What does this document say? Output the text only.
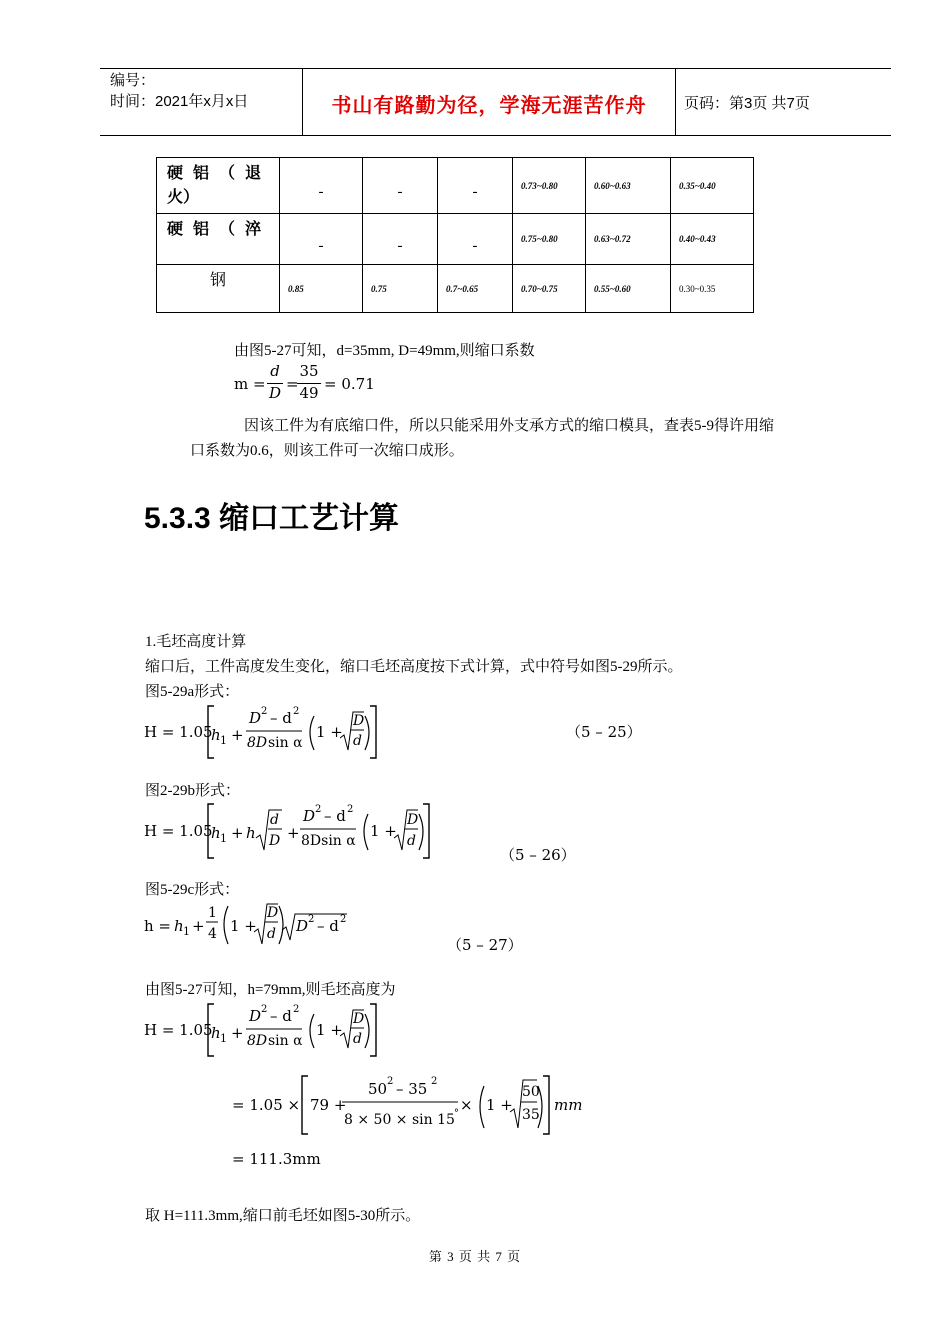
编号：
时间：2021年x月x日	书山有路勤为径，学海无涯苦作舟	页码：第3页 共7页
硬铝（退
火）	-	-	-	0.73~0.80	0.60~0.63	0.35~0.40
硬铝（淬	-	-	-	0.75~0.80	0.63~0.72	0.40~0.43
钢	0.85	0.75	0.7~0.65	0.70~0.75	0.55~0.60	0.30~0.35
由图5-27可知，d=35mm, D=49mm,则缩口系数
m =
d
D =
35
49 = 0.71
因该工件为有底缩口件，所以只能采用外支承方式的缩口模具，查表5-9得许用缩
口系数为0.6，则该工件可一次缩口成形。
5.3.3 缩口工艺计算
1.毛坯高度计算
缩口后，工件高度发生变化，缩口毛坯高度按下式计算，式中符号如图5-29所示。
图5-29a形式：
H = 1.05
h 1 +
D 2 – d 2
8D sin α
1 +
D
d	（5 – 25）
图2-29b形式：
H = 1.05
h 1 + h
d
D +
D 2 – d 2
8Dsin α
1 +
D
d
（5 – 26）
图5-29c形式：
h = h 1 +
1
4 1 +
D
d D 2 – d 2
（5 – 27）
由图5-27可知，h=79mm,则毛坯高度为
H = 1.05
h 1 +
D 2 – d 2
8D sin α
1 +
D
d
= 1.05 × 79 +
50 2 – 35 2
8 × 50 × sin 15 ° × 1 +
50
35
mm
= 111.3mm
取 H=111.3mm,缩口前毛坯如图5-30所示。
第 3 页 共 7 页
